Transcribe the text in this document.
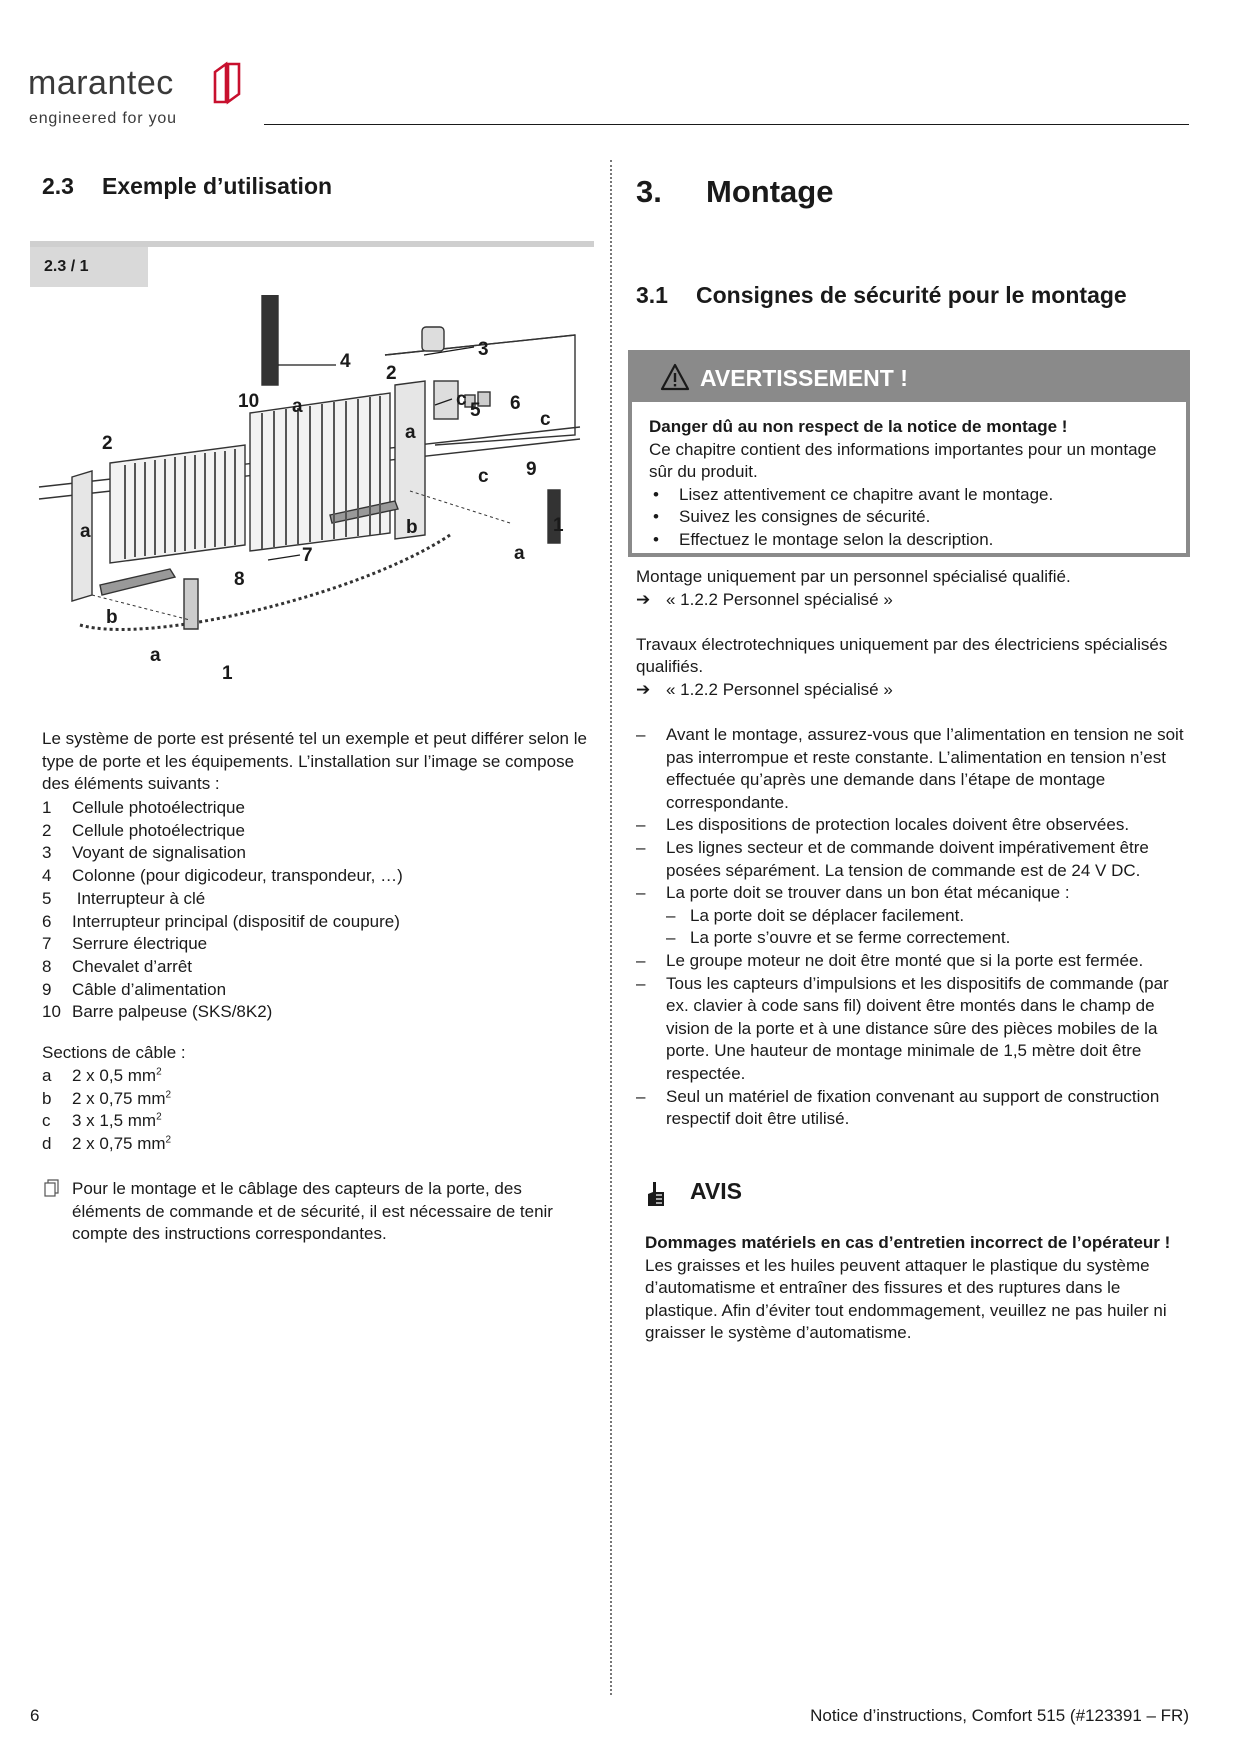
marantec
engineered for you
2.3 Exemple d’utilisation
2.3 / 1
1
1
2
2
3
4
5 6
7
8
9
10 a
a
a
a
a
b
b
c
c
c
Le système de porte est présenté tel un exemple et peut différer selon le type de porte et les équipements. L’installation sur l’image se compose des éléments suivants :
1	Cellule photoélectrique
2	Cellule photoélectrique
3	Voyant de signalisation
4	Colonne (pour digicodeur, transpondeur, …)
5	Interrupteur à clé
6	Interrupteur principal (dispositif de coupure)
7	Serrure électrique
8	Chevalet d’arrêt
9	Câble d’alimentation
10 Barre palpeuse (SKS/8K2)
Sections de câble :
a	2 x 0,5 $mm^2$
b	2 x 0,75 $mm^2$
c	3 x 1,5 $mm^2$
d	2 x 0,75 $mm^2$
Pour le montage et le câblage des capteurs de la porte, des éléments de commande et de sécurité, il est nécessaire de tenir compte des instructions correspondantes.
3. Montage
3.1 Consignes de sécurité pour le montage
AVERTISSEMENT !
Danger dû au non respect de la notice de montage !
Ce chapitre contient des informations importantes pour un montage sûr du produit.
•	Lisez attentivement ce chapitre avant le montage.
•	Suivez les consignes de sécurité.
•	Effectuez le montage selon la description.
Montage uniquement par un personnel spécialisé qualifié.
➔ « 1.2.2 Personnel spécialisé »
Travaux électrotechniques uniquement par des électriciens spécialisés qualifiés.
➔ « 1.2.2 Personnel spécialisé »
–	Avant le montage, assurez-vous que l’alimentation en tension ne soit pas interrompue et reste constante. L’alimentation en tension n’est effectuée qu’après une demande dans l’étape de montage correspondante.
–	Les dispositions de protection locales doivent être observées.
–	Les lignes secteur et de commande doivent impérativement être posées séparément. La tension de commande est de 24 V DC.
–	La porte doit se trouver dans un bon état mécanique :
– La porte doit se déplacer facilement.
– La porte s’ouvre et se ferme correctement.
–	Le groupe moteur ne doit être monté que si la porte est fermée.
–	Tous les capteurs d’impulsions et les dispositifs de commande (par ex. clavier à code sans fil) doivent être montés dans le champ de vision de la porte et à une distance sûre des pièces mobiles de la porte. Une hauteur de montage minimale de 1,5 mètre doit être respectée.
–	Seul un matériel de fixation convenant au support de construction respectif doit être utilisé.
AVIS
Dommages matériels en cas d’entretien incorrect de l’opérateur !
Les graisses et les huiles peuvent attaquer le plastique du système d’automatisme et entraîner des fissures et des ruptures dans le plastique. Afin d’éviter tout endommagement, veuillez ne pas huiler ni graisser le système d’automatisme.
6	Notice d’instructions, Comfort 515 (#123391 – FR)
